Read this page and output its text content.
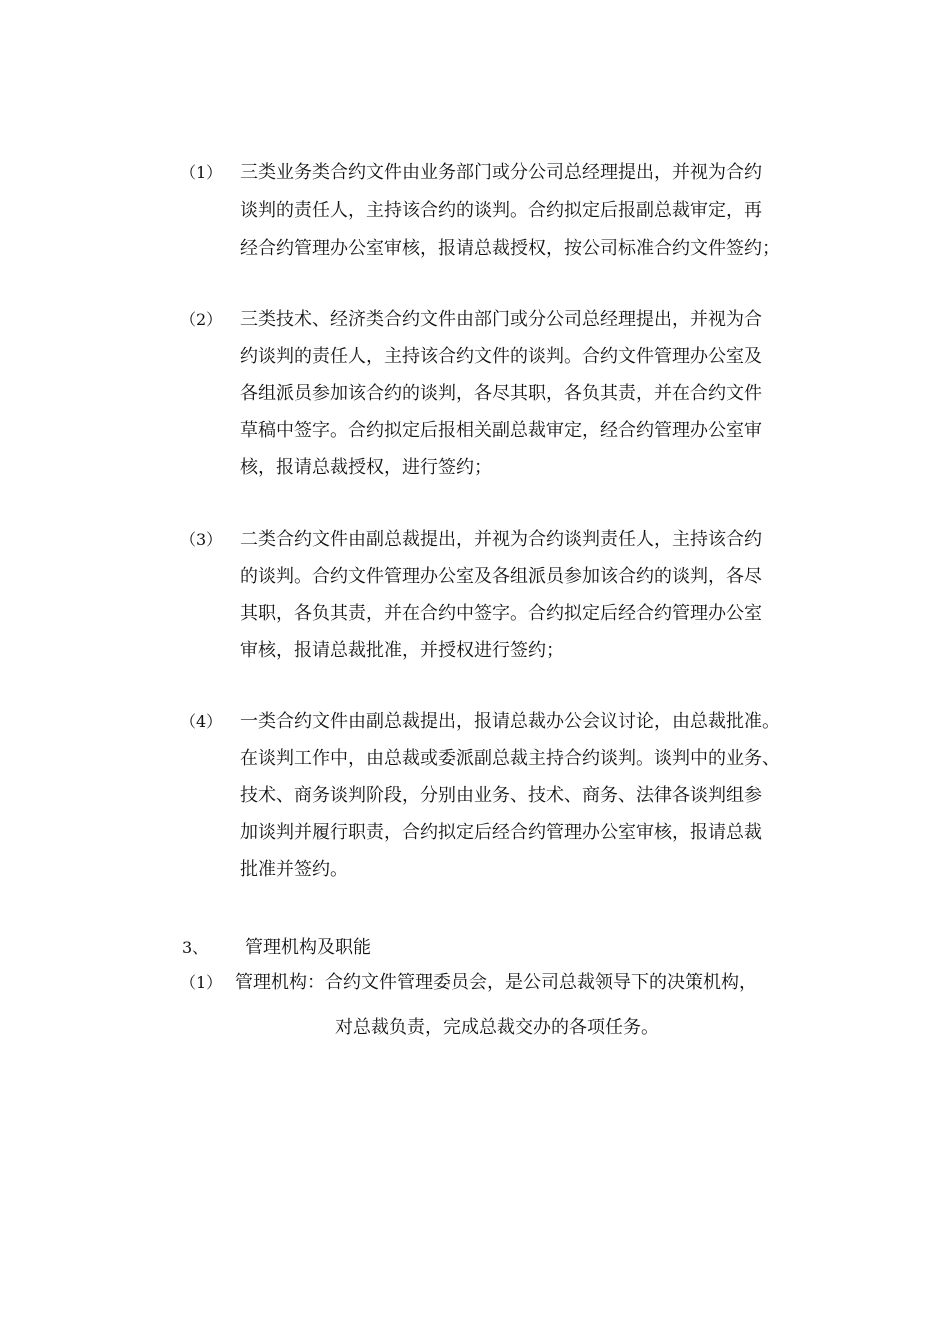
（1） 三类业务类合约文件由业务部门或分公司总经理提出，并视为合约
谈判的责任人，主持该合约的谈判。合约拟定后报副总裁审定，再
经合约管理办公室审核，报请总裁授权，按公司标准合约文件签约；
（2） 三类技术、经济类合约文件由部门或分公司总经理提出，并视为合
约谈判的责任人，主持该合约文件的谈判。合约文件管理办公室及
各组派员参加该合约的谈判，各尽其职，各负其责，并在合约文件
草稿中签字。合约拟定后报相关副总裁审定，经合约管理办公室审
核，报请总裁授权，进行签约；
（3） 二类合约文件由副总裁提出，并视为合约谈判责任人，主持该合约
的谈判。合约文件管理办公室及各组派员参加该合约的谈判，各尽
其职，各负其责，并在合约中签字。合约拟定后经合约管理办公室
审核，报请总裁批准，并授权进行签约；
（4） 一类合约文件由副总裁提出，报请总裁办公会议讨论，由总裁批准。
在谈判工作中，由总裁或委派副总裁主持合约谈判。谈判中的业务、
技术、商务谈判阶段，分别由业务、技术、商务、法律各谈判组参
加谈判并履行职责，合约拟定后经合约管理办公室审核，报请总裁
批准并签约。
3、 管理机构及职能
（1） 管理机构：合约文件管理委员会，是公司总裁领导下的决策机构，
对总裁负责，完成总裁交办的各项任务。
